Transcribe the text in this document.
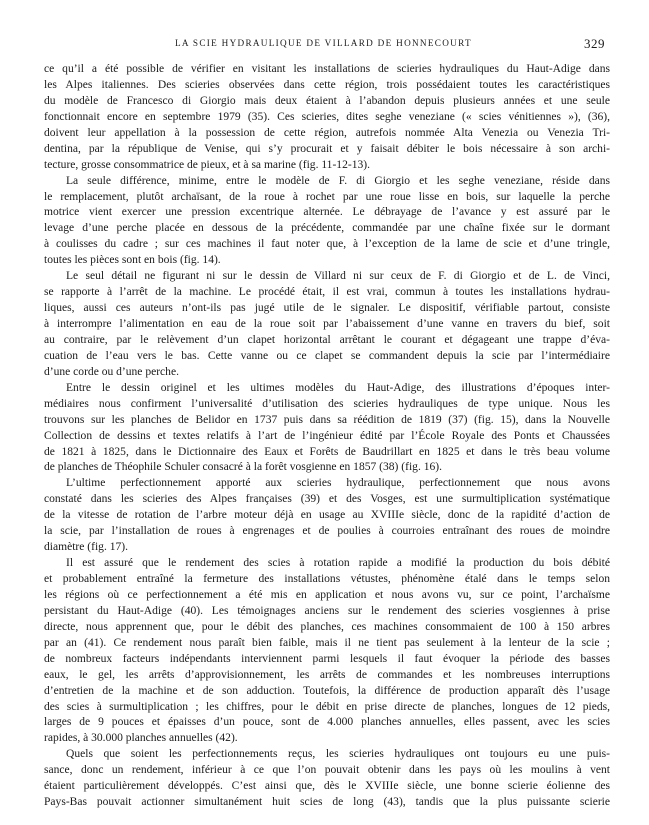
LA SCIE HYDRAULIQUE DE VILLARD DE HONNECOURT	329
ce qu’il a été possible de vérifier en visitant les installations de scieries hydrauliques du Haut-Adige dans
les Alpes italiennes. Des scieries observées dans cette région, trois possédaient toutes les caractéristiques
du modèle de Francesco di Giorgio mais deux étaient à l’abandon depuis plusieurs années et une seule
fonctionnait encore en septembre 1979 (35). Ces scieries, dites seghe veneziane (« scies vénitiennes »), (36),
doivent leur appellation à la possession de cette région, autrefois nommée Alta Venezia ou Venezia Tri-
dentina, par la république de Venise, qui s’y procurait et y faisait débiter le bois nécessaire à son archi-
tecture, grosse consommatrice de pieux, et à sa marine (fig. 11-12-13).
La seule différence, minime, entre le modèle de F. di Giorgio et les seghe veneziane, réside dans
le remplacement, plutôt archaïsant, de la roue à rochet par une roue lisse en bois, sur laquelle la perche
motrice vient exercer une pression excentrique alternée. Le débrayage de l’avance y est assuré par le
levage d’une perche placée en dessous de la précédente, commandée par une chaîne fixée sur le dormant
à coulisses du cadre ; sur ces machines il faut noter que, à l’exception de la lame de scie et d’une tringle,
toutes les pièces sont en bois (fig. 14).
Le seul détail ne figurant ni sur le dessin de Villard ni sur ceux de F. di Giorgio et de L. de Vinci,
se rapporte à l’arrêt de la machine. Le procédé était, il est vrai, commun à toutes les installations hydrau-
liques, aussi ces auteurs n’ont-ils pas jugé utile de le signaler. Le dispositif, vérifiable partout, consiste
à interrompre l’alimentation en eau de la roue soit par l’abaissement d’une vanne en travers du bief, soit
au contraire, par le relèvement d’un clapet horizontal arrêtant le courant et dégageant une trappe d’éva-
cuation de l’eau vers le bas. Cette vanne ou ce clapet se commandent depuis la scie par l’intermédiaire
d’une corde ou d’une perche.
Entre le dessin originel et les ultimes modèles du Haut-Adige, des illustrations d’époques inter-
médiaires nous confirment l’universalité d’utilisation des scieries hydrauliques de type unique. Nous les
trouvons sur les planches de Belidor en 1737 puis dans sa réédition de 1819 (37) (fig. 15), dans la Nouvelle
Collection de dessins et textes relatifs à l’art de l’ingénieur édité par l’École Royale des Ponts et Chaussées
de 1821 à 1825, dans le Dictionnaire des Eaux et Forêts de Baudrillart en 1825 et dans le très beau volume
de planches de Théophile Schuler consacré à la forêt vosgienne en 1857 (38) (fig. 16).
L’ultime perfectionnement apporté aux scieries hydraulique, perfectionnement que nous avons
constaté dans les scieries des Alpes françaises (39) et des Vosges, est une surmultiplication systématique
de la vitesse de rotation de l’arbre moteur déjà en usage au XVIIIe siècle, donc de la rapidité d’action de
la scie, par l’installation de roues à engrenages et de poulies à courroies entraînant des roues de moindre
diamètre (fig. 17).
Il est assuré que le rendement des scies à rotation rapide a modifié la production du bois débité
et probablement entraîné la fermeture des installations vétustes, phénomène étalé dans le temps selon
les régions où ce perfectionnement a été mis en application et nous avons vu, sur ce point, l’archaïsme
persistant du Haut-Adige (40). Les témoignages anciens sur le rendement des scieries vosgiennes à prise
directe, nous apprennent que, pour le débit des planches, ces machines consommaient de 100 à 150 arbres
par an (41). Ce rendement nous paraît bien faible, mais il ne tient pas seulement à la lenteur de la scie ;
de nombreux facteurs indépendants interviennent parmi lesquels il faut évoquer la période des basses
eaux, le gel, les arrêts d’approvisionnement, les arrêts de commandes et les nombreuses interruptions
d’entretien de la machine et de son adduction. Toutefois, la différence de production apparaît dès l’usage
des scies à surmultiplication ; les chiffres, pour le débit en prise directe de planches, longues de 12 pieds,
larges de 9 pouces et épaisses d’un pouce, sont de 4.000 planches annuelles, elles passent, avec les scies
rapides, à 30.000 planches annuelles (42).
Quels que soient les perfectionnements reçus, les scieries hydrauliques ont toujours eu une puis-
sance, donc un rendement, inférieur à ce que l’on pouvait obtenir dans les pays où les moulins à vent
étaient particulièrement développés. C’est ainsi que, dès le XVIIIe siècle, une bonne scierie éolienne des
Pays-Bas pouvait actionner simultanément huit scies de long (43), tandis que la plus puissante scierie
